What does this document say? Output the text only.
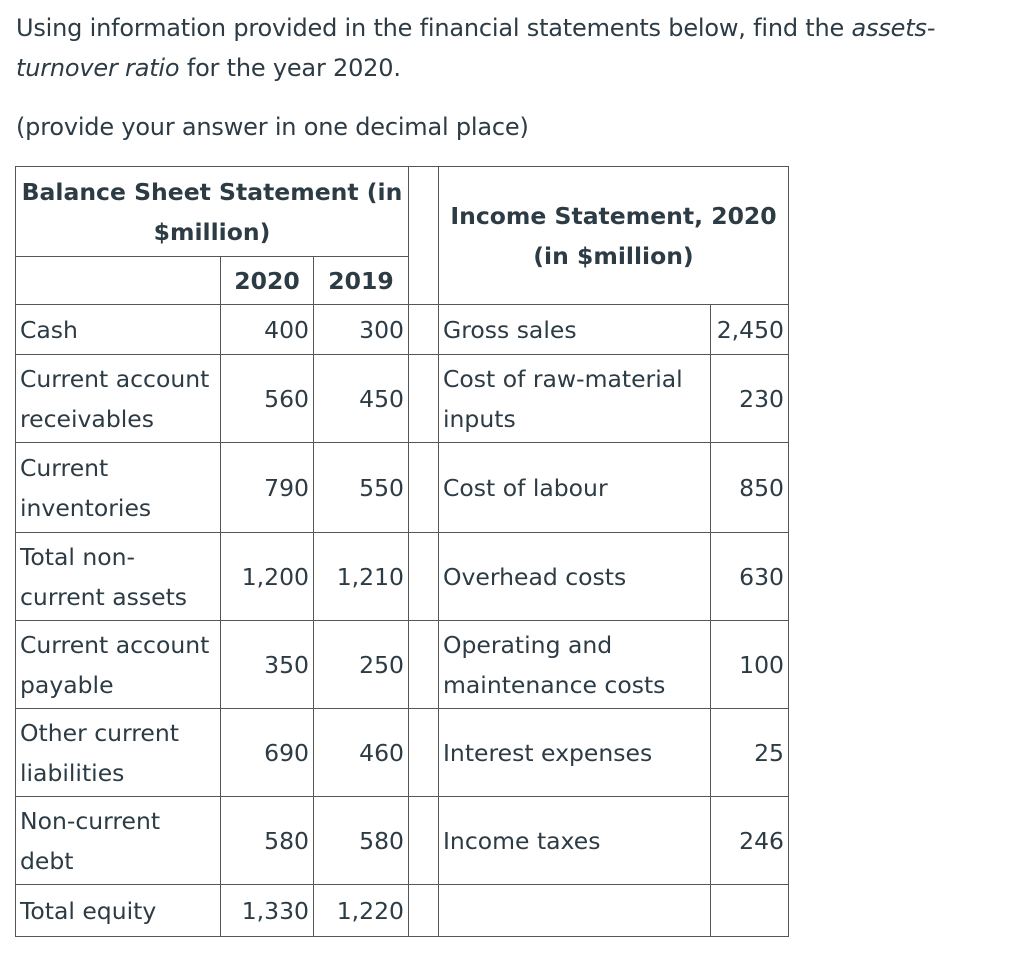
Using information provided in the financial statements below, find the assets-turnover ratio for the year 2020.

(provide your answer in one decimal place)

Balance Sheet Statement (in $million)				Income Statement, 2020 (in $million)	
	2020	2019			
Cash	400	300		Gross sales	2,450
Current account receivables	560	450		Cost of raw-material inputs	230
Current inventories	790	550		Cost of labour	850
Total non-current assets	1,200	1,210		Overhead costs	630
Current account payable	350	250		Operating and maintenance costs	100
Other current liabilities	690	460		Interest expenses	25
Non-current debt	580	580		Income taxes	246
Total equity	1,330	1,220			
